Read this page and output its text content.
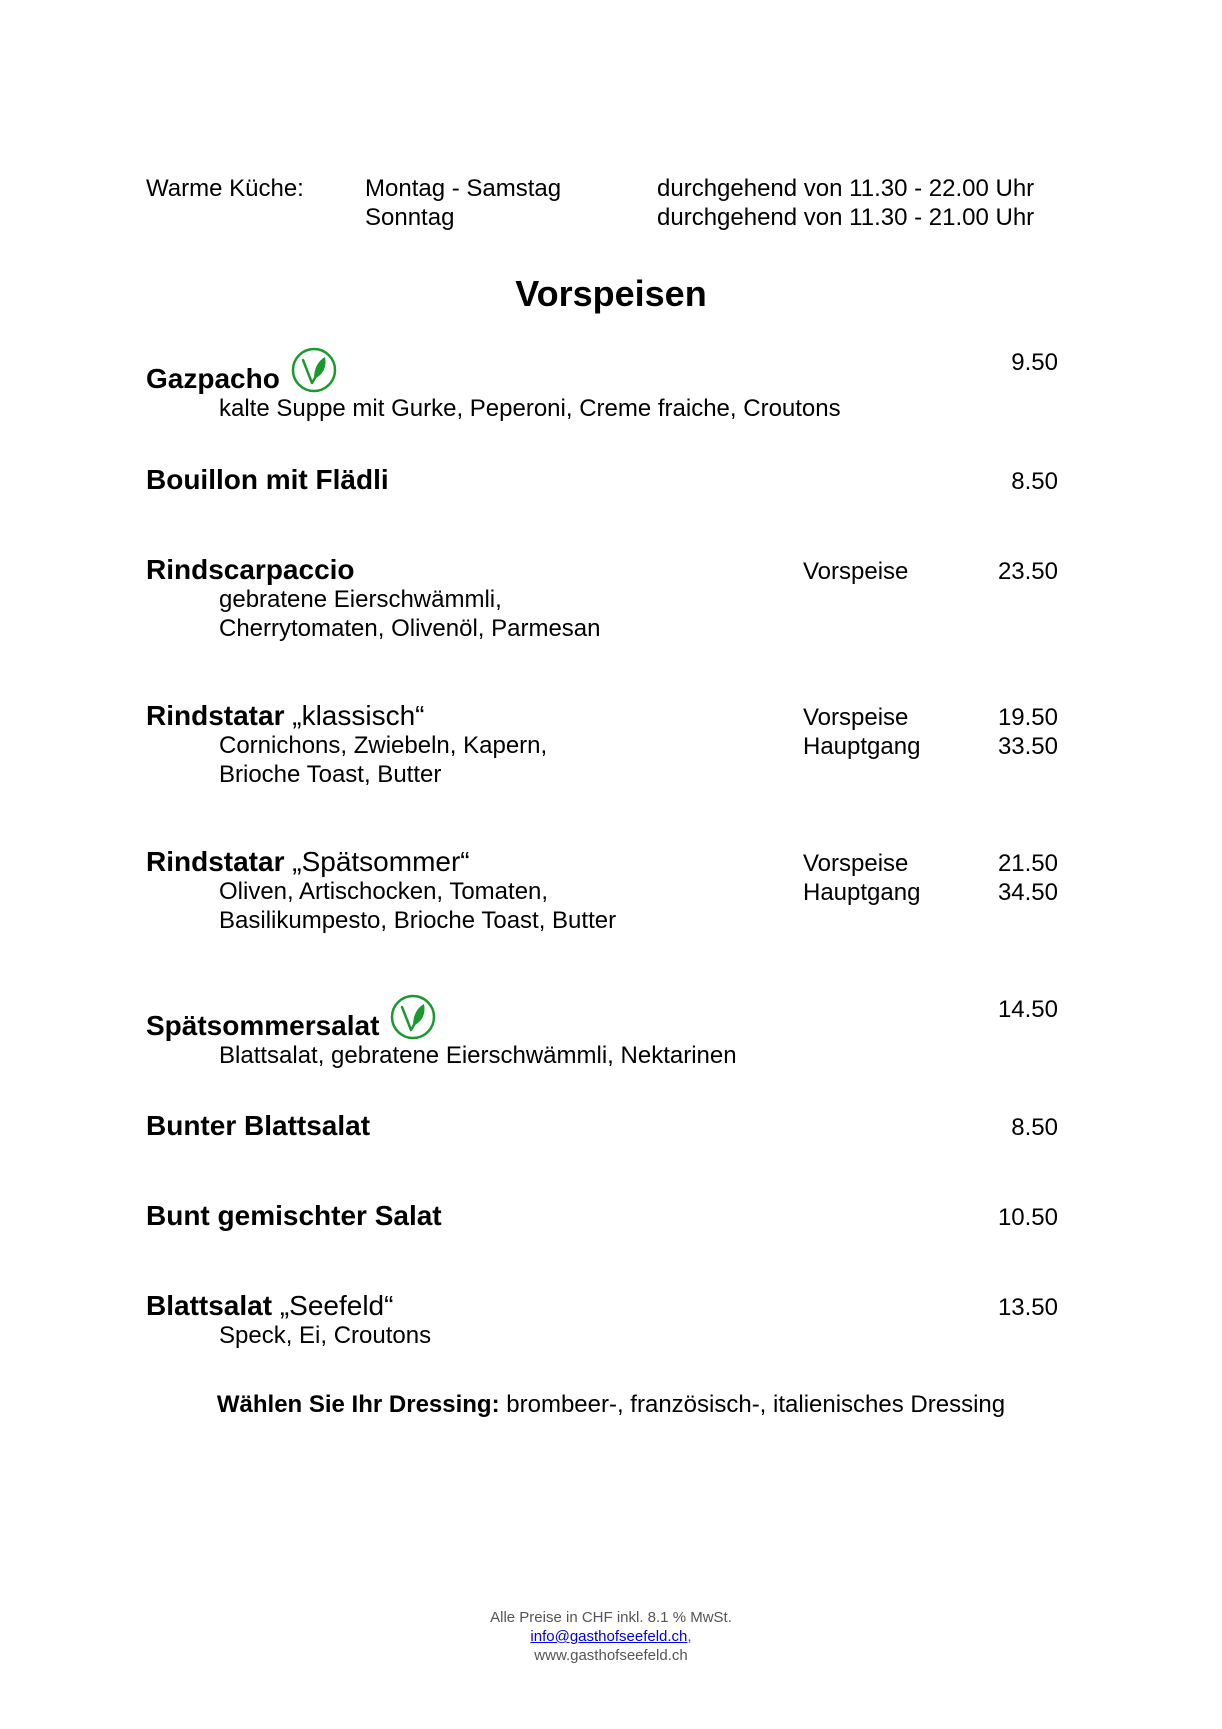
Warme Küche:	Montag - Samstag	durchgehend von 11.30 - 22.00 Uhr
Sonntag	durchgehend von 11.30 - 21.00 Uhr
Vorspeisen
Gazpacho
kalte Suppe mit Gurke, Peperoni, Creme fraiche, Croutons
9.50
Bouillon mit Flädli	8.50
Rindscarpaccio
gebratene Eierschwämmli,
Cherrytomaten, Olivenöl, Parmesan
Vorspeise	23.50
Rindstatar „klassisch“
Cornichons, Zwiebeln, Kapern,
Brioche Toast, Butter
Vorspeise	19.50
Hauptgang	33.50
Rindstatar „Spätsommer“
Oliven, Artischocken, Tomaten,
Basilikumpesto, Brioche Toast, Butter
Vorspeise	21.50
Hauptgang	34.50
Spätsommersalat
Blattsalat, gebratene Eierschwämmli, Nektarinen
14.50
Bunter Blattsalat	8.50
Bunt gemischter Salat	10.50
Blattsalat „Seefeld“
Speck, Ei, Croutons
13.50
Wählen Sie Ihr Dressing: brombeer-, französisch-, italienisches Dressing
Alle Preise in CHF inkl. 8.1 % MwSt.
info@gasthofseefeld.ch,
www.gasthofseefeld.ch
